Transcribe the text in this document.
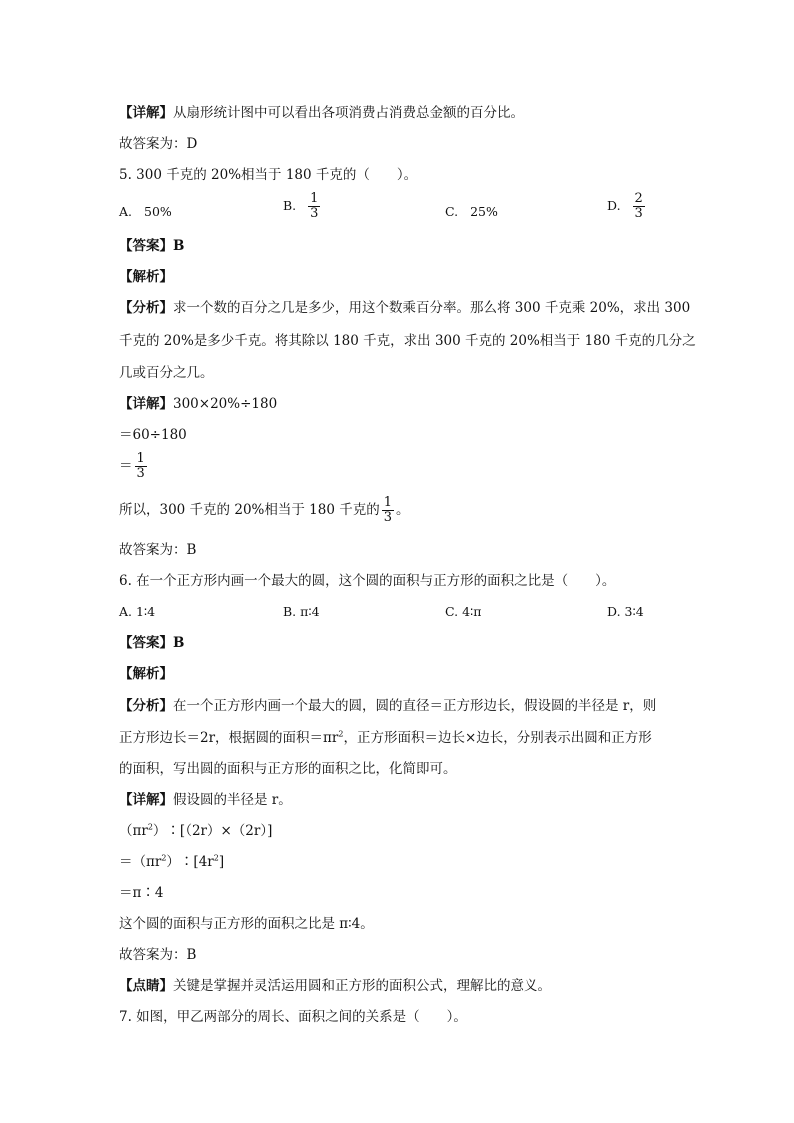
【详解】从扇形统计图中可以看出各项消费占消费总金额的百分比。
故答案为：D
5. 300 千克的 20%相当于 180 千克的（　　）。
A. 50%	B. $\frac{1}{3}$	C. 25%	D. $\frac{2}{3}$
【答案】B
【解析】
【分析】求一个数的百分之几是多少，用这个数乘百分率。那么将 300 千克乘 20%，求出 300
千克的 20%是多少千克。将其除以 180 千克，求出 300 千克的 20%相当于 180 千克的几分之
几或百分之几。
【详解】300×20%÷180
＝60÷180
＝ $\frac{1}{3}$
所以，300 千克的 20%相当于 180 千克的 $\frac{1}{3}$ 。
故答案为：B
6. 在一个正方形内画一个最大的圆，这个圆的面积与正方形的面积之比是（　　）。
A. 1∶4	B. π∶4	C. 4∶π	D. 3∶4
【答案】B
【解析】
【分析】在一个正方形内画一个最大的圆，圆的直径＝正方形边长，假设圆的半径是 r，则
正方形边长＝2r，根据圆的面积$=\pi r^2$，正方形面积＝边长×边长，分别表示出圆和正方形
的面积，写出圆的面积与正方形的面积之比，化简即可。
【详解】假设圆的半径是 r。
$(\pi r^2)∶[(2r)\times(2r)]$
$=(\pi r^2)∶[4r^2]$
＝π∶4
这个圆的面积与正方形的面积之比是 π∶4。
故答案为：B
【点睛】关键是掌握并灵活运用圆和正方形的面积公式，理解比的意义。
7. 如图，甲乙两部分的周长、面积之间的关系是（　　）。
